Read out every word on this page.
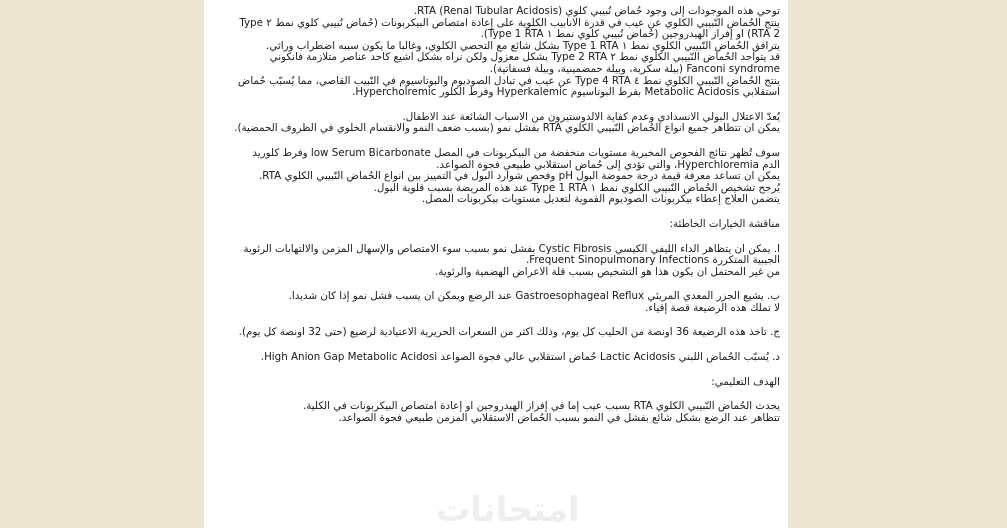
توحي هذه الموجودات إلى وجود حُماض نُبيبي كلوي (Renal Tubular Acidosis) RTA.
ينتج الحُماض النُّبيبي الكلوي عن عيب في قدرة الأنابيب الكلوية على إعادة امتصاص البيكربونات (حُماض نُبيبي كلوي نمط ٢ Type
2 RTA) أو إفراز الهيدروجين (حُماض نُبيبي كلوي نمط ١ Type 1 RTA).
يترافق الحُماض النُّبيبي الكلوي نمط ١ Type 1 RTA بشكل شائع مع التحصي الكلوي، وغالباً ما يكون سببه اضطراب وراثي.
قد يتواجد الحُماض النُّبيبي الكلوي نمط ٢ Type 2 RTA بشكل معزول ولكن نراه بشكل أشيع كأحد عناصر متلازمة فانكوني
Fanconi syndrome (بيلة سكرية، وبيلة حمضمينية، وبيلة فسفاتية).
ينتج الحُماض النُّبيبي الكلوي نمط ٤ Type 4 RTA عن عيب في تبادل الصوديوم والبوتاسيوم في النُّبيب القاصي، مما يُسبّب حُماض
استقلابي Metabolic Acidosis بفرط البوتاسيوم Hyperkalemic وفرط الكلور Hypercholremic.
يُعدُّ الاعتلال البولي الانسدادي وعدم كفاية الألدوستيرون من الأسباب الشائعة عند الأطفال.
يمكن أن تتظاهر جميع أنواع الحُماض النُّبيبي الكلوي RTA بفشل نمو (بسبب ضعف النمو والانقسام الخلوي في الظروف الحمضية).
سوف تُظهر نتائج الفحوص المخبرية مستويات منخفضة من البيكربونات في المصل low Serum Bicarbonate وفرط كلوريد
الدم Hyperchloremia، والتي تؤدي إلى حُماض استقلابي طبيعي فجوة الصواعد.
يمكن أن تساعد معرفة قيمة درجة حموضة البول pH وفحص شوارد البول في التمييز بين أنواع الحُماض النُّبيبي الكلوي RTA.
يُرجح تشخيص الحُماض النُّبيبي الكلوي نمط ١ Type 1 RTA عند هذه المريضة بسبب قلوية البول.
يتضمن العلاج إعطاء بيكربونات الصوديوم الفموية لتعديل مستويات بيكربونات المصل.
مناقشة الخيارات الخاطئة:
أ. يمكن أن يتظاهر الداء الليفي الكيسي Cystic Fibrosis بفشل نمو بسبب سوء الامتصاص والإسهال المزمن والالتهابات الرئوية
الجيبية المتكررة Frequent Sinopulmonary Infections.
من غير المحتمل أن يكون هذا هو التشخيص بسبب قلّة الأعراض الهضمية والرئوية.
ب. يشيع الجزر المعدي المريئي Gastroesophageal Reflux عند الرضع ويمكن أن يسبب فشل نمو إذا كان شديداً.
لا تملك هذه الرضيعة قصة إقياء.
ج. تأخذ هذه الرضيعة 36 أونصة من الحليب كل يوم، وذلك أكثر من السعرات الحريرية الاعتيادية لرضيع (حتى 32 أونصة كل يوم).
د. يُسبّب الحُماض اللبني Lactic Acidosis حُماض استقلابي عالي فجوة الصواعد High Anion Gap Metabolic Acidosi.
الهدف التعليمي:
يحدث الحُماض النُّبيبي الكلوي RTA بسبب عيب إما في إفراز الهيدروجين أو إعادة امتصاص البيكربونات في الكلية.
تتظاهر عند الرضع بشكل شائع بفشل في النمو بسبب الحُماض الاستقلابي المزمن طبيعي فجوة الصواعد.
امتحانات
